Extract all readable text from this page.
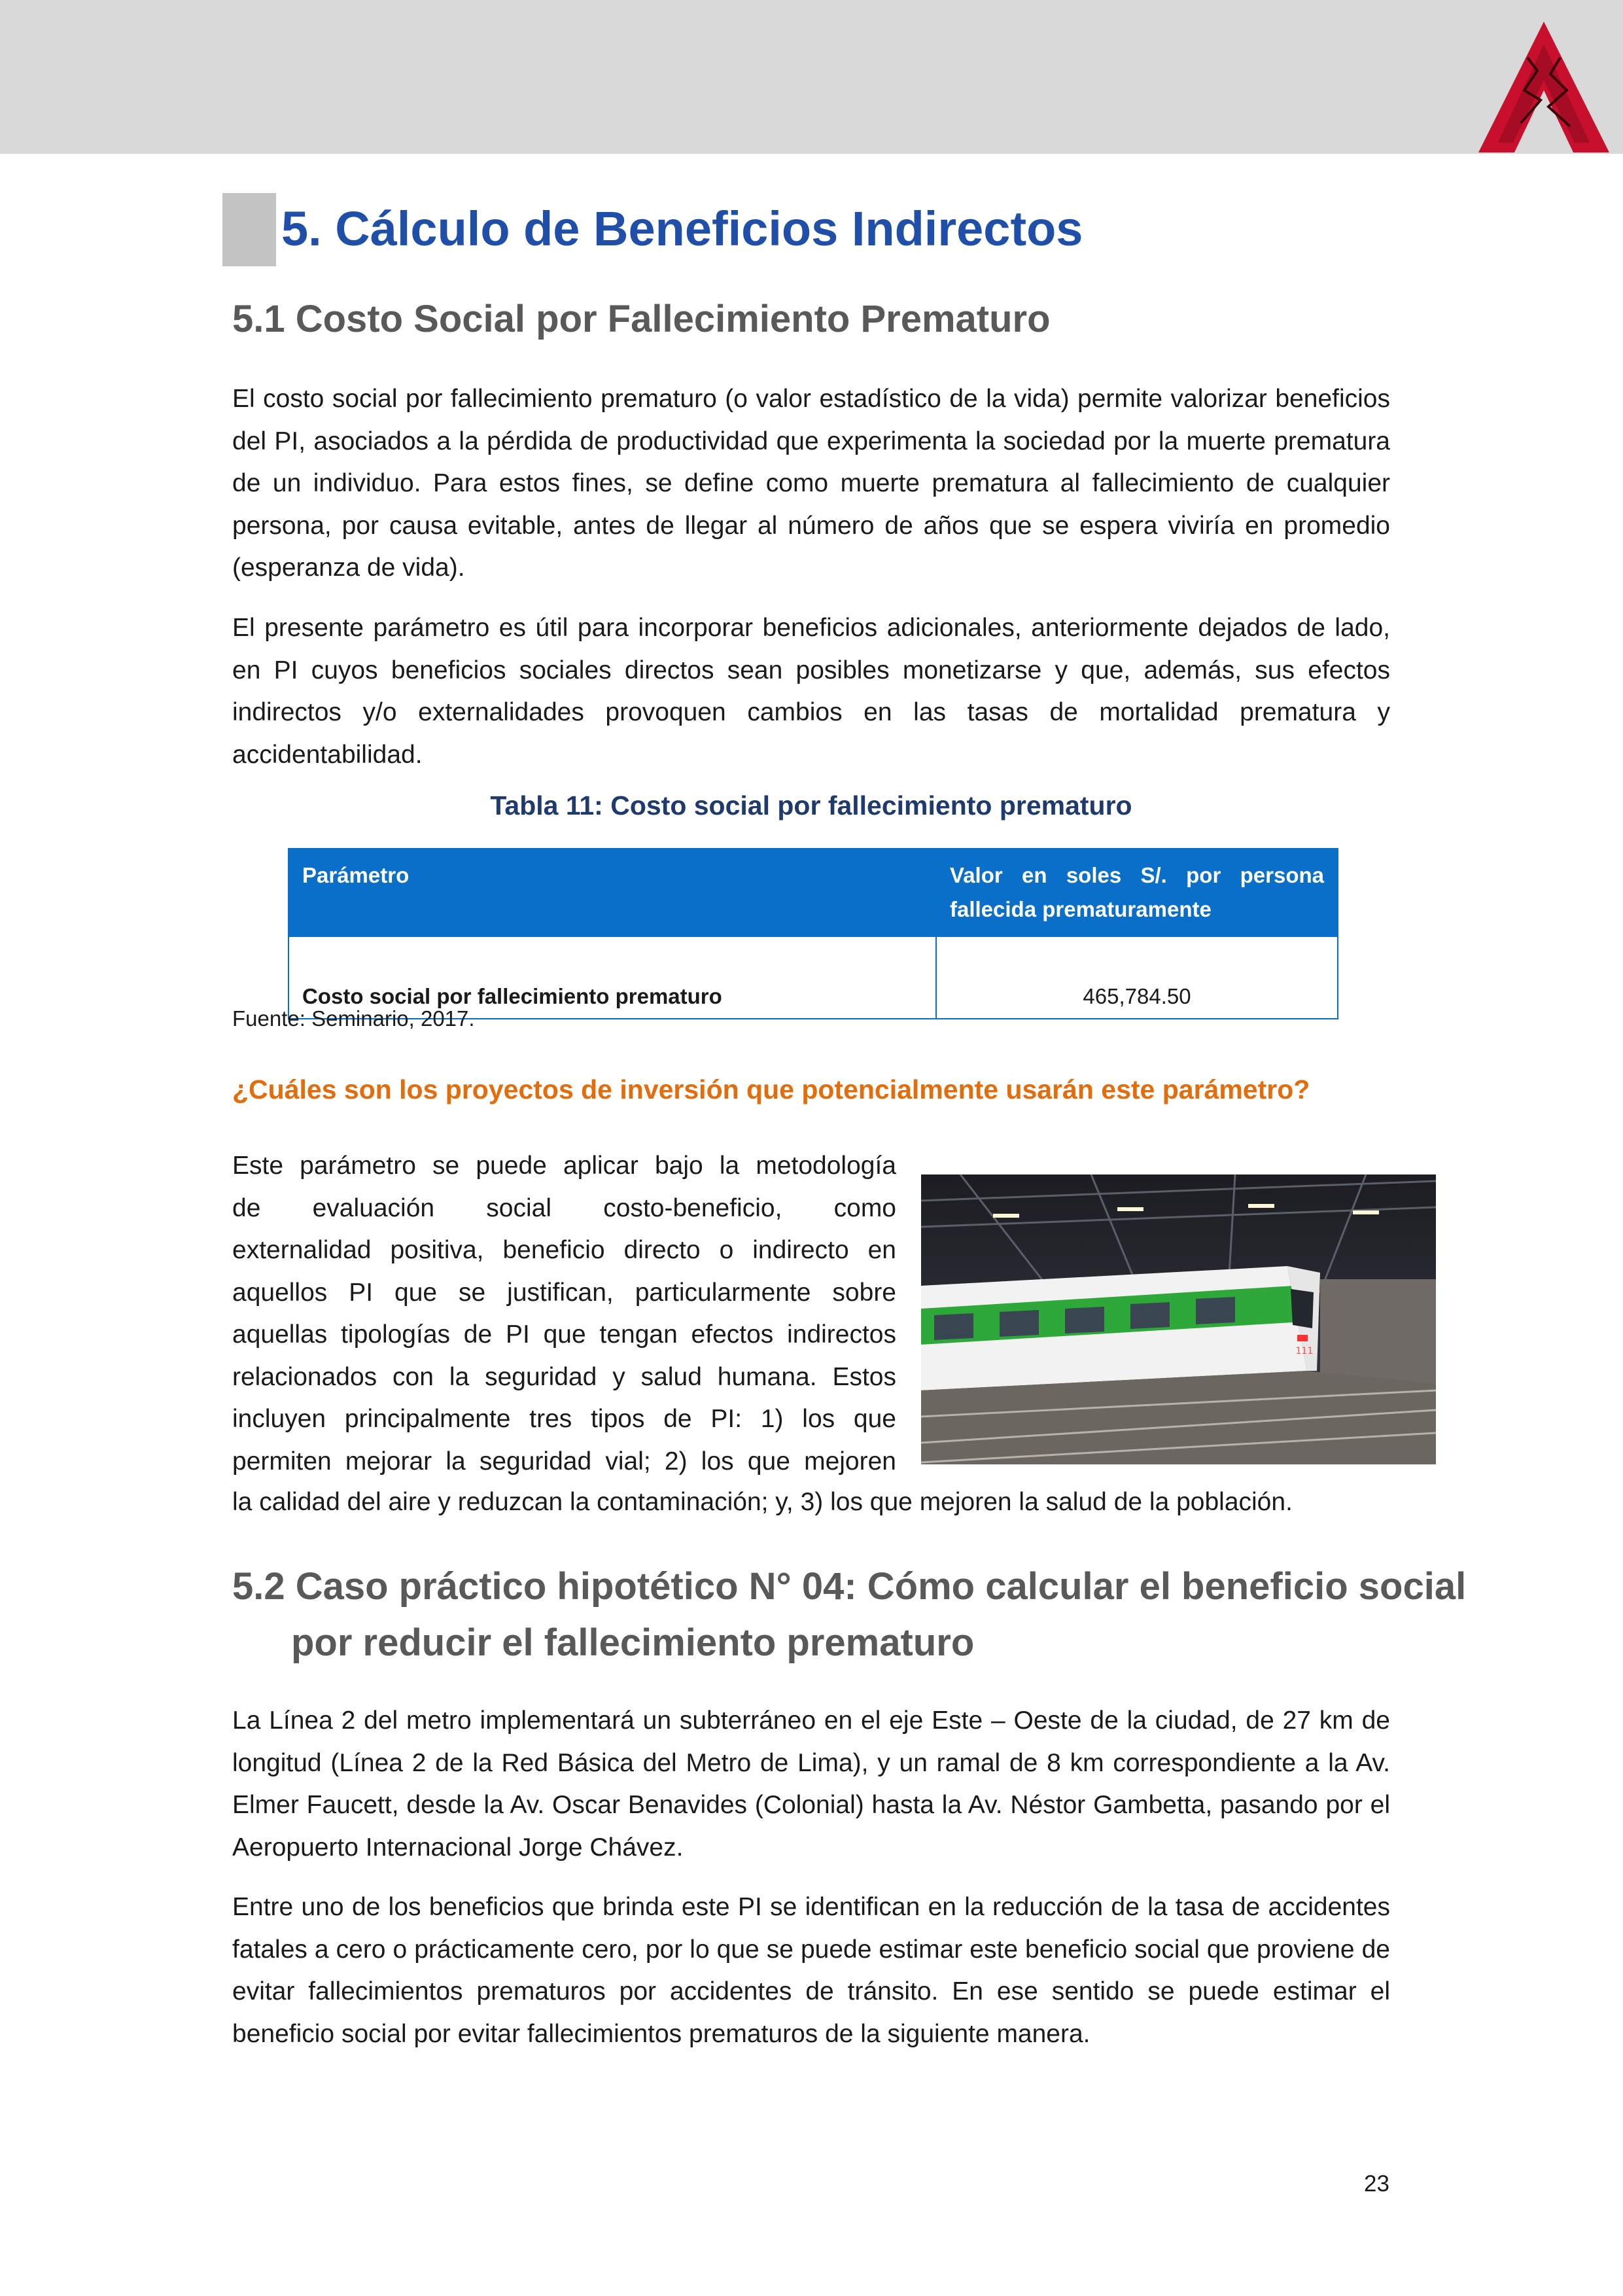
5. Cálculo de Beneficios Indirectos
5.1 Costo Social por Fallecimiento Prematuro

El costo social por fallecimiento prematuro (o valor estadístico de la vida) permite valorizar beneficios del PI, asociados a la pérdida de productividad que experimenta la sociedad por la muerte prematura de un individuo. Para estos fines, se define como muerte prematura al fallecimiento de cualquier persona, por causa evitable, antes de llegar al número de años que se espera viviría en promedio (esperanza de vida).

El presente parámetro es útil para incorporar beneficios adicionales, anteriormente dejados de lado, en PI cuyos beneficios sociales directos sean posibles monetizarse y que, además, sus efectos indirectos y/o externalidades provoquen cambios en las tasas de mortalidad prematura y accidentabilidad.

Tabla 11: Costo social por fallecimiento prematuro
Parámetro	Valor en soles S/. por persona fallecida prematuramente
Costo social por fallecimiento prematuro	465,784.50
Fuente: Seminario, 2017.
¿Cuáles son los proyectos de inversión que potencialmente usarán este parámetro?
Este parámetro se puede aplicar bajo la metodología
de evaluación social costo-beneficio, como
externalidad positiva, beneficio directo o indirecto en
aquellos PI que se justifican, particularmente sobre
aquellas tipologías de PI que tengan efectos indirectos
relacionados con la seguridad y salud humana. Estos
incluyen principalmente tres tipos de PI: 1) los que
permiten mejorar la seguridad vial; 2) los que mejoren
la calidad del aire y reduzcan la contaminación; y, 3) los que mejoren la salud de la población.
111
5.2 Caso práctico hipotético N° 04: Cómo calcular el beneficio social
por reducir el fallecimiento prematuro

La Línea 2 del metro implementará un subterráneo en el eje Este – Oeste de la ciudad, de 27 km de longitud (Línea 2 de la Red Básica del Metro de Lima), y un ramal de 8 km correspondiente a la Av. Elmer Faucett, desde la Av. Oscar Benavides (Colonial) hasta la Av. Néstor Gambetta, pasando por el Aeropuerto Internacional Jorge Chávez.

Entre uno de los beneficios que brinda este PI se identifican en la reducción de la tasa de accidentes fatales a cero o prácticamente cero, por lo que se puede estimar este beneficio social que proviene de evitar fallecimientos prematuros por accidentes de tránsito. En ese sentido se puede estimar el beneficio social por evitar fallecimientos prematuros de la siguiente manera.

23
